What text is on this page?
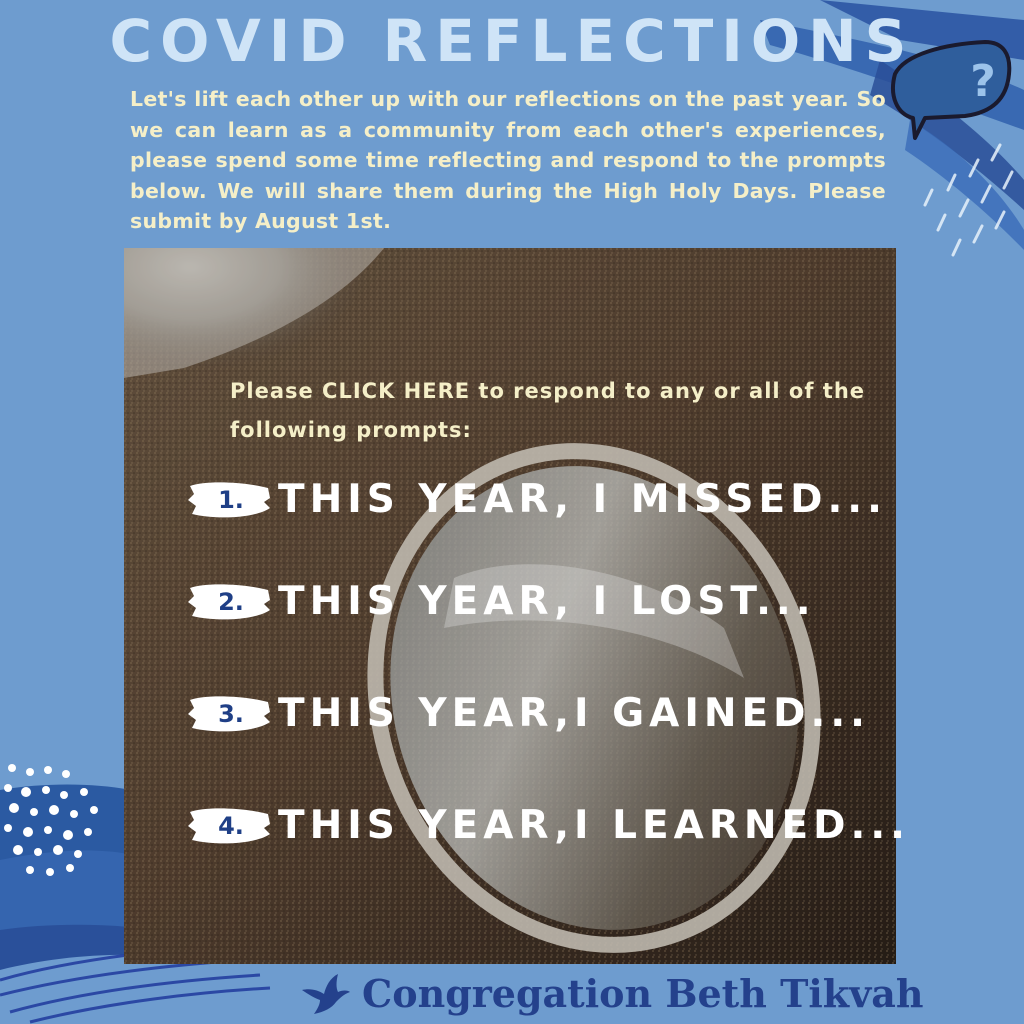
?
COVID REFLECTIONS
Let's lift each other up with our reflections on the past year. So we can learn as a community from each other's experiences, please spend some time reflecting and respond to the prompts below. We will share them during the High Holy Days. Please submit by August 1st.
Please CLICK HERE to respond to any or all of the following prompts:
1. THIS YEAR, I MISSED...
2. THIS YEAR, I LOST...
3. THIS YEAR,I GAINED...
4. THIS YEAR,I LEARNED...
Congregation Beth Tikvah
